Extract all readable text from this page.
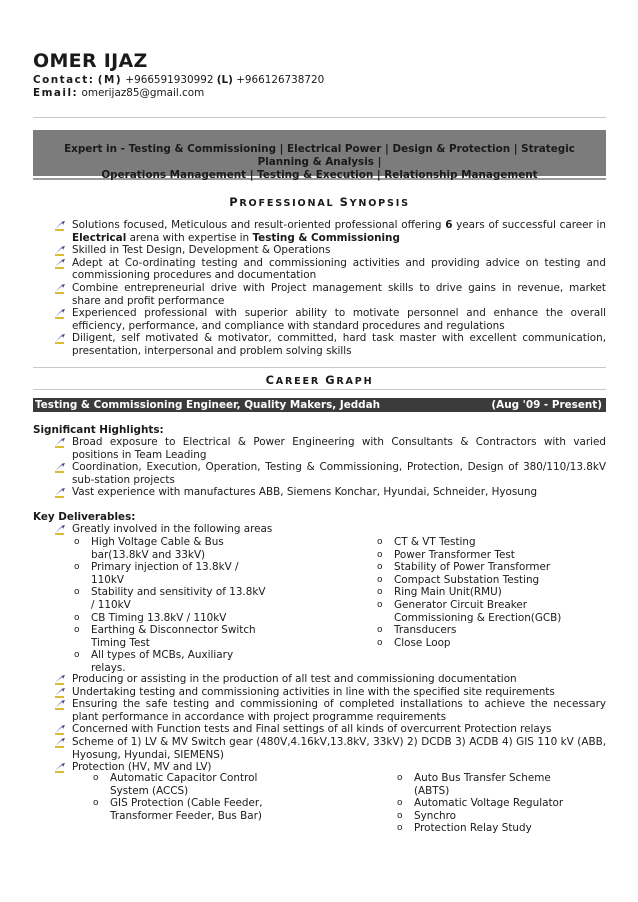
OMER IJAZ
Contact: (M) +966591930992 (L) +966126738720
Email: omerijaz85@gmail.com
Expert in - Testing & Commissioning | Electrical Power | Design & Protection | Strategic Planning & Analysis |
Operations Management | Testing & Execution | Relationship Management
PROFESSIONAL SYNOPSIS
Solutions focused, Meticulous and result-oriented professional offering 6 years of successful career in Electrical arena with expertise in Testing & Commissioning
Skilled in Test Design, Development & Operations
Adept at Co-ordinating testing and commissioning activities and providing advice on testing and commissioning procedures and documentation
Combine entrepreneurial drive with Project management skills to drive gains in revenue, market share and profit performance
Experienced professional with superior ability to motivate personnel and enhance the overall efficiency, performance, and compliance with standard procedures and regulations
Diligent, self motivated & motivator, committed, hard task master with excellent communication, presentation, interpersonal and problem solving skills
CAREER GRAPH
Testing & Commissioning Engineer, Quality Makers, Jeddah	(Aug '09 - Present)
Significant Highlights:
Broad exposure to Electrical & Power Engineering with Consultants & Contractors with varied positions in Team Leading
Coordination, Execution, Operation, Testing & Commissioning, Protection, Design of 380/110/13.8kV sub-station projects
Vast experience with manufactures ABB, Siemens Konchar, Hyundai, Schneider, Hyosung
Key Deliverables:
Greatly involved in the following areas
o High Voltage Cable & Bus bar(13.8kV and 33kV)
o Primary injection of 13.8kV / 110kV
o Stability and sensitivity of 13.8kV / 110kV
o CB Timing 13.8kV / 110kV
o Earthing & Disconnector Switch Timing Test
o All types of MCBs, Auxiliary relays.
o CT & VT Testing
o Power Transformer Test
o Stability of Power Transformer
o Compact Substation Testing
o Ring Main Unit(RMU)
o Generator Circuit Breaker Commissioning & Erection(GCB)
o Transducers
o Close Loop
Producing or assisting in the production of all test and commissioning documentation
Undertaking testing and commissioning activities in line with the specified site requirements
Ensuring the safe testing and commissioning of completed installations to achieve the necessary plant performance in accordance with project programme requirements
Concerned with Function tests and Final settings of all kinds of overcurrent Protection relays
Scheme of 1) LV & MV Switch gear (480V,4.16kV,13.8kV, 33kV) 2) DCDB 3) ACDB 4) GIS 110 kV (ABB, Hyosung, Hyundai, SIEMENS)
Protection (HV, MV and LV)
o Automatic Capacitor Control System (ACCS)
o GIS Protection (Cable Feeder, Transformer Feeder, Bus Bar)
o Auto Bus Transfer Scheme (ABTS)
o Automatic Voltage Regulator
o Synchro
o Protection Relay Study
